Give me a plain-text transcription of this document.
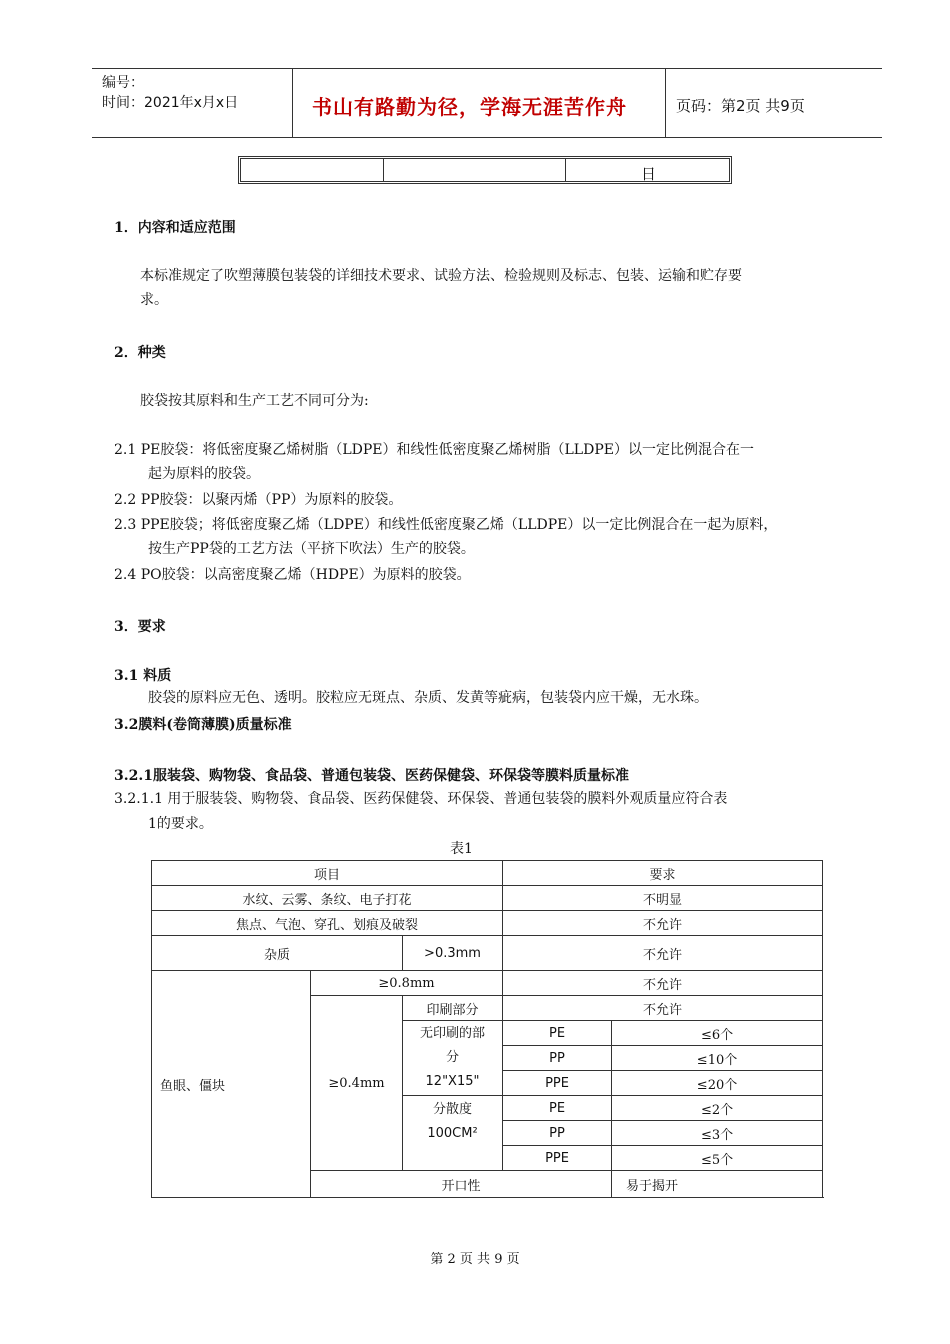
编号：
时间：2021年x月x日	书山有路勤为径，学海无涯苦作舟	页码：第2页 共9页
日
1．内容和适应范围
本标准规定了吹塑薄膜包装袋的详细技术要求、试验方法、检验规则及标志、包装、运输和贮存要
求。
2．种类
胶袋按其原料和生产工艺不同可分为:
2.1 PE胶袋：将低密度聚乙烯树脂（LDPE）和线性低密度聚乙烯树脂（LLDPE）以一定比例混合在一
起为原料的胶袋。
2.2 PP胶袋：以聚丙烯（PP）为原料的胶袋。
2.3 PPE胶袋；将低密度聚乙烯（LDPE）和线性低密度聚乙烯（LLDPE）以一定比例混合在一起为原料，
按生产PP袋的工艺方法（平挤下吹法）生产的胶袋。
2.4 PO胶袋：以高密度聚乙烯（HDPE）为原料的胶袋。
3．要求
3.1 料质
胶袋的原料应无色、透明。胶粒应无斑点、杂质、发黄等疵病，包装袋内应干燥，无水珠。
3.2膜料(卷筒薄膜)质量标准
3.2.1服装袋、购物袋、食品袋、普通包装袋、医药保健袋、环保袋等膜料质量标准
3.2.1.1 用于服装袋、购物袋、食品袋、医药保健袋、环保袋、普通包装袋的膜料外观质量应符合表
1的要求。
表1
项目			要求	
水纹、云雾、条纹、电子打花			不明显	
焦点、气泡、穿孔、划痕及破裂			不允许	
杂质		>0.3mm	不允许	
鱼眼、僵块	≥0.8mm		不允许	
	≥0.4mm	印刷部分	不允许	

		无印刷的部
分
12"X15"	PE	≤6个
			PP	≤10个
			PPE	≤20个

		分散度
100CM²	PE	≤2个
			PP	≤3个
			PPE	≤5个
	开口性			易于揭开
第 2 页 共 9 页
